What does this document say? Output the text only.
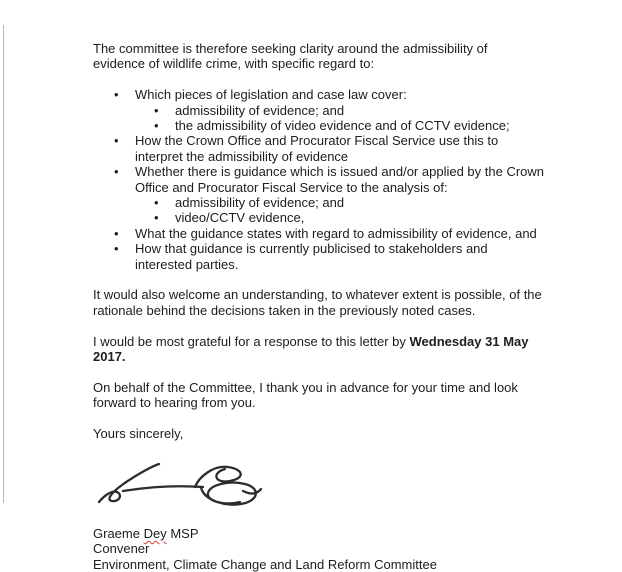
The committee is therefore seeking clarity around the admissibility of
evidence of wildlife crime, with specific regard to:

•	Which pieces of legislation and case law cover:
•	admissibility of evidence; and
•	the admissibility of video evidence and of CCTV evidence;
•	How the Crown Office and Procurator Fiscal Service use this to
interpret the admissibility of evidence
•	Whether there is guidance which is issued and/or applied by the Crown
Office and Procurator Fiscal Service to the analysis of:
•	admissibility of evidence; and
•	video/CCTV evidence,
•	What the guidance states with regard to admissibility of evidence, and
•	How that guidance is currently publicised to stakeholders and
interested parties.

It would also welcome an understanding, to whatever extent is possible, of the
rationale behind the decisions taken in the previously noted cases.

I would be most grateful for a response to this letter by Wednesday 31 May
2017.

On behalf of the Committee, I thank you in advance for your time and look
forward to hearing from you.

Yours sincerely,

Graeme Dey MSP
Convener
Environment, Climate Change and Land Reform Committee
